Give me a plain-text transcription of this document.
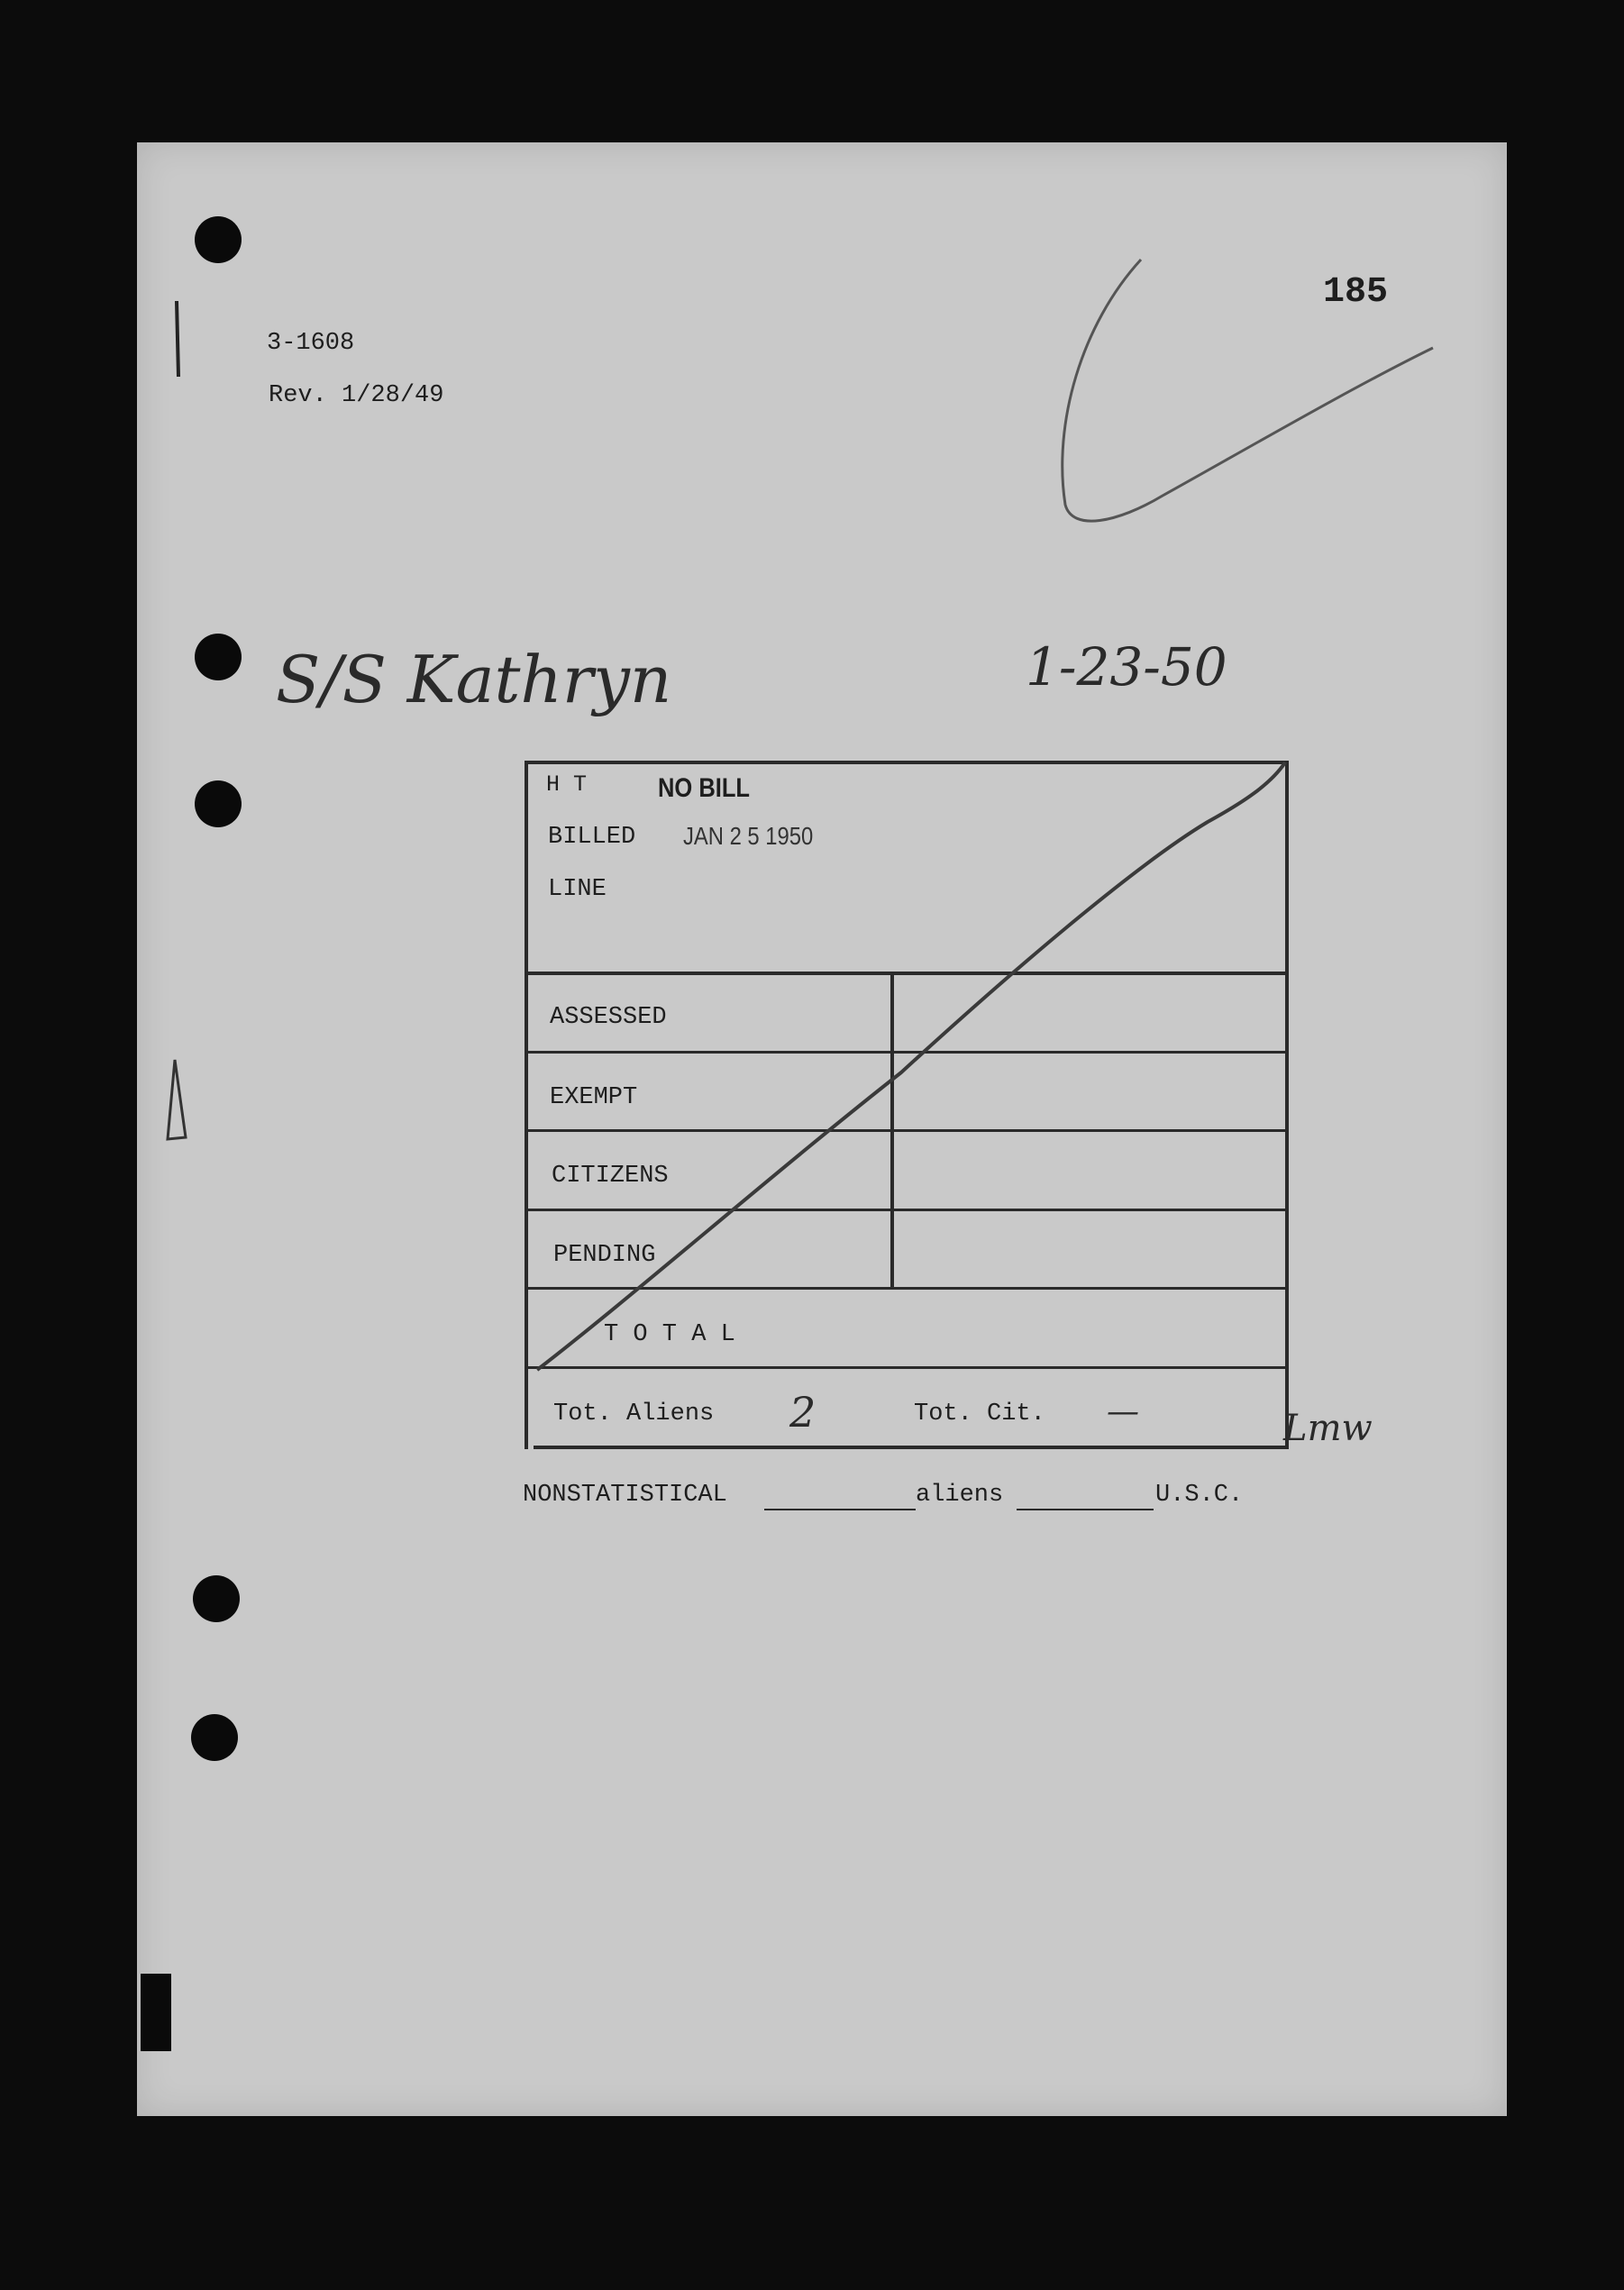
185
3-1608
Rev. 1/28/49
S/S Kathryn	1-23-50
H T	NO BILL
BILLED JAN 2 5 1950
LINE
ASSESSED
EXEMPT
CITIZENS
PENDING
T O T A L
Tot. Aliens 2	Tot. Cit. —	Lmw
NONSTATISTICAL	aliens	U.S.C.
